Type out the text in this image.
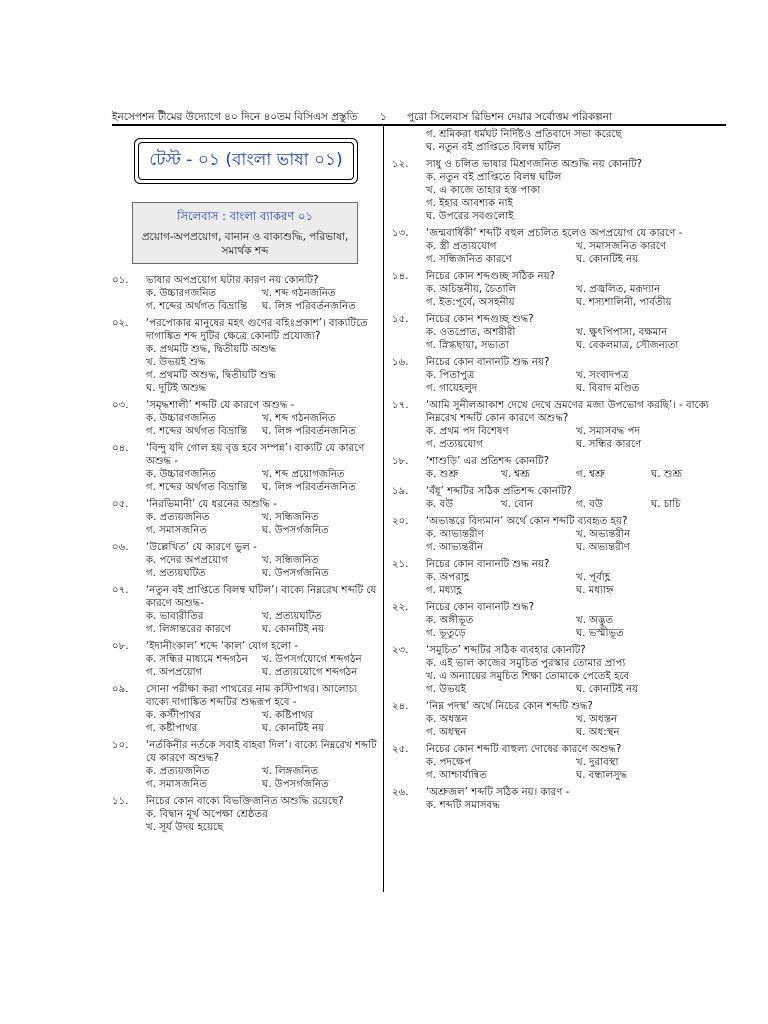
ইনসেপশন টীমের উদ্যোগে ৪০ দিনে ৪০তম বিসিএস প্রস্তুতি ১ পুরো সিলেবাস রিভিশন দেয়ার সর্বোত্তম পরিকল্পনা
টেস্ট - ০১ (বাংলা ভাষা ০১)
সিলেবাস : বাংলা ব্যাকরণ ০১
প্রয়োগ-অপপ্রয়োগ, বানান ও বাক্যশুদ্ধি, পরিভাষা, সমার্থক শব্দ
০১. ভাষার অপপ্রয়োগ ঘটার কারণ নয় কোনটি?
ক. উচ্চারণজনিত	খ. শব্দ গঠনজনিত
গ. শব্দের অর্থগত বিভ্রান্তি	ঘ. লিঙ্গ পরিবর্তনজনিত
০২. ‘পরপোকার মানুষের মহৎ গুণের বহিঃপ্রকাশ’। বাক্যটিতে দাগাঙ্কিত শব্দ দুটির ক্ষেত্রে কোনটি প্রযোজ্য?
ক. প্রথমটি শুদ্ধ, দ্বিতীয়টি অশুদ্ধ
খ. উভয়ই শুদ্ধ
গ. প্রথমটি অশুদ্ধ, দ্বিতীয়টি শুদ্ধ
ঘ. দুটিই অশুদ্ধ
০৩. ‘সমৃদ্ধশালী’ শব্দটি যে কারণে অশুদ্ধ -
ক. উচ্চারণজনিত	খ. শব্দ গঠনজনিত
গ. শব্দের অর্থগত বিভ্রান্তি	ঘ. লিঙ্গ পরিবর্তনজনিত
০৪. ‘বিন্দু যদি গোল হয় বৃত্ত হবে সম্পন্ন’। বাক্যটি যে কারণে অশুদ্ধ -
ক. উচ্চারণজনিত	খ. শব্দ প্রয়োগজনিত
গ. শব্দের অর্থগত বিভ্রান্তি	ঘ. লিঙ্গ পরিবর্তনজনিত
০৫. ‘নিরভিমানী’ যে ধরনের অশুদ্ধি -
ক. প্রত্যয়জনিত	খ. সন্ধিজনিত
গ. সমাসজনিত	ঘ. উপসর্গজনিত
০৬. ‘উল্লেখিত’ যে কারণে ভুল -
ক. পদের অপপ্রয়োগ	খ. সন্ধিজনিত
গ. প্রত্যয়ঘটিত	ঘ. উপসর্গজনিত
০৭. ‘নতুন বই প্রাপ্তিতে বিলম্ব ঘটিল’। বাক্যে নিম্নরেখ শব্দটি যে কারণে অশুদ্ধ-
ক. ভাবারীতির	খ. প্রত্যয়ঘটিত
গ. লিঙ্গান্তরের কারণে	ঘ. কোনটিই নয়
০৮. ‘ইদানীংকাল’ শব্দে ‘কাল’ যোগ হলো -
ক. সন্ধির মাধ্যমে শব্দগঠন	খ. উপসর্গযোগে শব্দগঠন
গ. অপপ্রয়োগ	ঘ. প্রত্যয়যোগে শব্দগঠন
০৯. সোনা পরীক্ষা করা পাথরের নাম কস্টিপাথর। আলোচ্য বাক্যে দাগাঙ্কিত শব্দটির শুদ্ধরূপ হবে -
ক. কস্টীপাথর	খ. কষ্টিপাথর
গ. কষ্টীপাথর	ঘ. কোনটিই নয়
১০. ‘নর্তকিনীর নর্তকে সবাই বাহবা দিল’। বাক্যে নিম্নরেখ শব্দটি যে কারণে অশুদ্ধ?
ক. প্রত্যয়জনিত	খ. লিঙ্গজনিত
গ. সমাসজনিত	ঘ. উপসর্গজনিত
১১. নিচের কোন বাক্যে বিভক্তিজনিত অশুদ্ধি রয়েছে?
ক. বিদ্বান মূর্খ অপেক্ষা শ্রেষ্ঠতর
খ. সূর্য উদয় হয়েছে
গ. শ্রমিকরা ধর্মঘট নির্দিষ্টও প্রতিবাদে সভা করেছে
ঘ. নতুন বই প্রাপ্তিতে বিলম্ব ঘটিল
১২. সাধু ও চলিত ভাষার মিশ্রণজনিত অশুদ্ধি নয় কোনটি?
ক. নতুন বই প্রাপ্তিতে বিলম্ব ঘটিল
খ. এ কাজে তাহার হস্ত পাকা
গ. ইহার আবশ্যক নাই
ঘ. উপরের সবগুলোই
১৩. ‘জন্মবার্ষিকী’ শব্দটি বহুল প্রচলিত হলেও অপপ্রয়োগ যে কারণে -
ক. স্ত্রী প্রত্যয়যোগ	খ. সমাসজনিত কারণে
গ. সন্ধিজনিত কারণে	ঘ. কোনটিই নয়
১৪. নিচের কোন শব্দগুচ্ছ সঠিক নয়?
ক. অচিন্তনীয়, চৈতালি	খ. প্রজ্বলিত, মরূদ্যান
গ. ইত:পূর্বে, অসহনীয়	ঘ. শস্যশালিনী, পার্বতীয়
১৫. নিচের কোন শব্দগুচ্ছ শুদ্ধ?
ক. ওতপ্রোত, অশরীরী	খ. ক্ষুৎপিপাসা, বক্ষমান
গ. স্নিগ্ধছায়া, সভ্যতা	ঘ. বেকলমাত্র, সৌজন্যতা
১৬. নিচের কোন বানানটি শুদ্ধ নয়?
ক. পিতাপুত্র	খ. সংবাদপত্র
গ. গায়েহলুদ	ঘ. বিবাদ মণ্ডিত
১৭. ‘আমি সুনীলআকাশ দেখে দেখে ভ্রমণের মজা উপভোগ করছি’। - বাক্যে নিম্নরেখ শব্দটি কোন কারণে অশুদ্ধ?
ক. প্রথম পদ বিশেষণ	খ. সমাসবদ্ধ পদ
গ. প্রত্যয়যোগ	ঘ. সন্ধির কারণে
১৮. ‘শাশুড়ি’ এর প্রতিশব্দ কোনটি?
ক. শুশ্রু	খ. শ্বশ্রূ	গ. শ্বশ্রু	ঘ. শুশ্রূ
১৯. ‘বঁধূ’ শব্দটির সঠিক প্রতিশব্দ কোনটি?
ক. বউ	খ. বোন	গ. বউ	ঘ. চাচি
২০. ‘অভ্যন্তরে বিদ্যমান’ অর্থে কোন শব্দটি ব্যবহৃত হয়?
ক. আভ্যন্তরীণ	খ. অভ্যন্তরীন
গ. আভ্যন্তরীন	ঘ. অভ্যন্তরীণ
২১. নিচের কোন বানানটি শুদ্ধ নয়?
ক. অপরাহ্ণ	খ. পূর্বাহ্ণ
গ. মধ্যাহ্ণ	ঘ. মধ্যাহ্ন
২২. নিচের কোন বানানটি শুদ্ধ?
ক. অঙ্গীভূত	খ. অদ্ভুত
গ. ভূতুড়ে	ঘ. ভস্মীভূত
২৩. ‘সমুচিত’ শব্দটির সঠিক ব্যবহার কোনটি?
ক. এই ভাল কাজের সমুচিত পুরস্কার তোমার প্রাপ্য
খ. এ অন্যায়ের সমুচিত শিক্ষা তোমাকে পেতেই হবে
গ. উভয়ই	ঘ. কোনটিই নয়
২৪. ‘নিম্ন পদস্থ’ অর্থে নিচের কোন শব্দটি শুদ্ধ?
ক. অধস্তন	খ. অধস্তন
গ. অধস্থন	ঘ. অধ:স্থন
২৫. নিচের কোন শব্দটি বাহুল্য দোষের কারণে অশুদ্ধ?
ক. পদক্ষেপ	খ. দুরাবস্থা
গ. আশ্চার্যান্বিত	ঘ. বন্ধালসুদ্ধ
২৬. ‘অশ্রুজল’ শব্দটি সঠিক নয়। কারণ -
ক. শব্দটি সমাসবদ্ধ
